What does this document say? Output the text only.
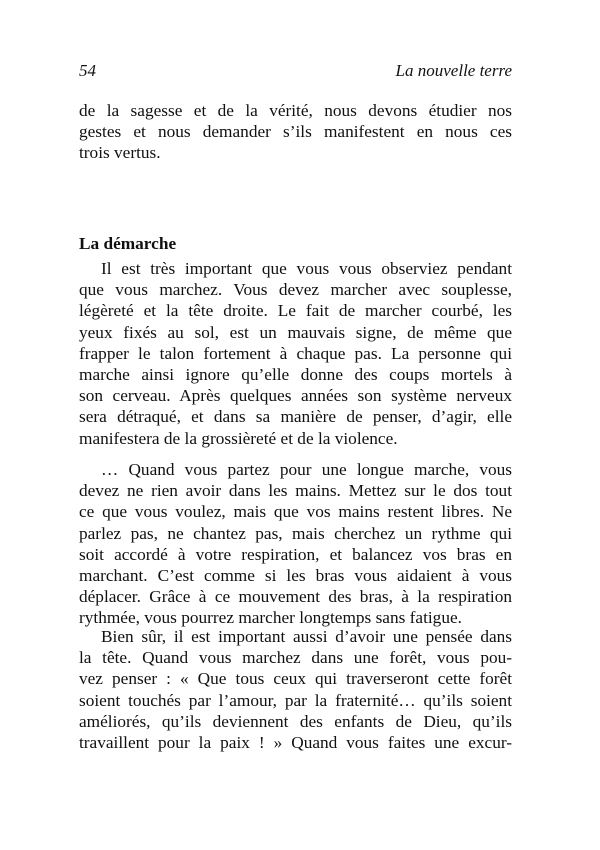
54	La nouvelle terre
de la sagesse et de la vérité, nous devons étudier nos
gestes et nous demander s’ils manifestent en nous ces
trois vertus.
La démarche
Il est très important que vous vous observiez pendant
que vous marchez. Vous devez marcher avec souplesse,
légèreté et la tête droite. Le fait de marcher courbé, les
yeux fixés au sol, est un mauvais signe, de même que
frapper le talon fortement à chaque pas. La personne qui
marche ainsi ignore qu’elle donne des coups mortels à
son cerveau. Après quelques années son système nerveux
sera détraqué, et dans sa manière de penser, d’agir, elle
manifestera de la grossièreté et de la violence.
… Quand vous partez pour une longue marche, vous
devez ne rien avoir dans les mains. Mettez sur le dos tout
ce que vous voulez, mais que vos mains restent libres. Ne
parlez pas, ne chantez pas, mais cherchez un rythme qui
soit accordé à votre respiration, et balancez vos bras en
marchant. C’est comme si les bras vous aidaient à vous
déplacer. Grâce à ce mouvement des bras, à la respiration
rythmée, vous pourrez marcher longtemps sans fatigue.
Bien sûr, il est important aussi d’avoir une pensée dans
la tête. Quand vous marchez dans une forêt, vous pou-
vez penser : « Que tous ceux qui traverseront cette forêt
soient touchés par l’amour, par la fraternité… qu’ils soient
améliorés, qu’ils deviennent des enfants de Dieu, qu’ils
travaillent pour la paix ! » Quand vous faites une excur-
